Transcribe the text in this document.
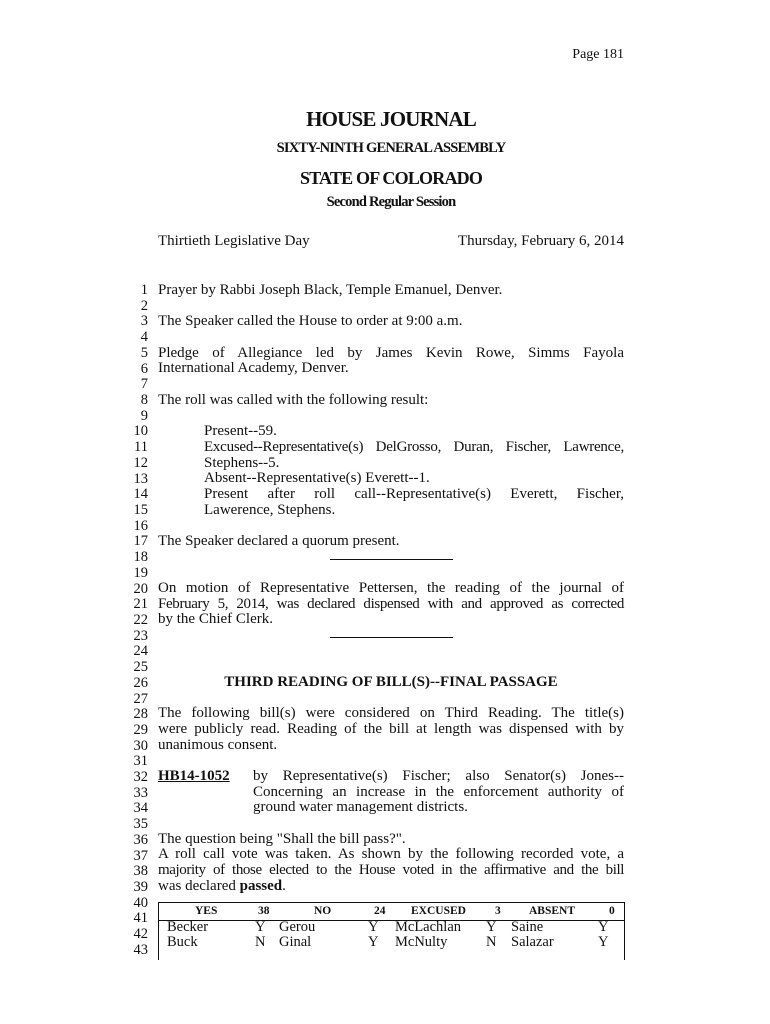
Page 181
HOUSE JOURNAL
SIXTY-NINTH GENERAL ASSEMBLY
STATE OF COLORADO
Second Regular Session
Thirtieth Legislative Day	Thursday, February 6, 2014
1
2
3
4
5
6
7
8
9
10
11
12
13
14
15
16
17
18
19
20
21
22
23
24
25
26
27
28
29
30
31
32
33
34
35
36
37
38
39
40
41
42
43
Prayer by Rabbi Joseph Black, Temple Emanuel, Denver.
The Speaker called the House to order at 9:00 a.m.
Pledge of Allegiance led by James Kevin Rowe, Simms Fayola
International Academy, Denver.
The roll was called with the following result:
Present--59.
Excused--Representative(s) DelGrosso, Duran, Fischer, Lawrence,
Stephens--5.
Absent--Representative(s) Everett--1.
Present after roll call--Representative(s) Everett, Fischer,
Lawerence, Stephens.
The Speaker declared a quorum present.
On motion of Representative Pettersen, the reading of the journal of
February 5, 2014, was declared dispensed with and approved as corrected
by the Chief Clerk.
THIRD READING OF BILL(S)--FINAL PASSAGE
The following bill(s) were considered on Third Reading. The title(s)
were publicly read. Reading of the bill at length was dispensed with by
unanimous consent.
HB14-1052 by Representative(s) Fischer; also Senator(s) Jones--
Concerning an increase in the enforcement authority of
ground water management districts.
The question being "Shall the bill pass?".
A roll call vote was taken. As shown by the following recorded vote, a
majority of those elected to the House voted in the affirmative and the bill
was declared passed.
YES	38	NO	24 EXCUSED	3 ABSENT	0
Becker	Y Gerou	Y McLachlan Y Saine	Y
Buck	N Ginal	Y McNulty	N Salazar	Y
